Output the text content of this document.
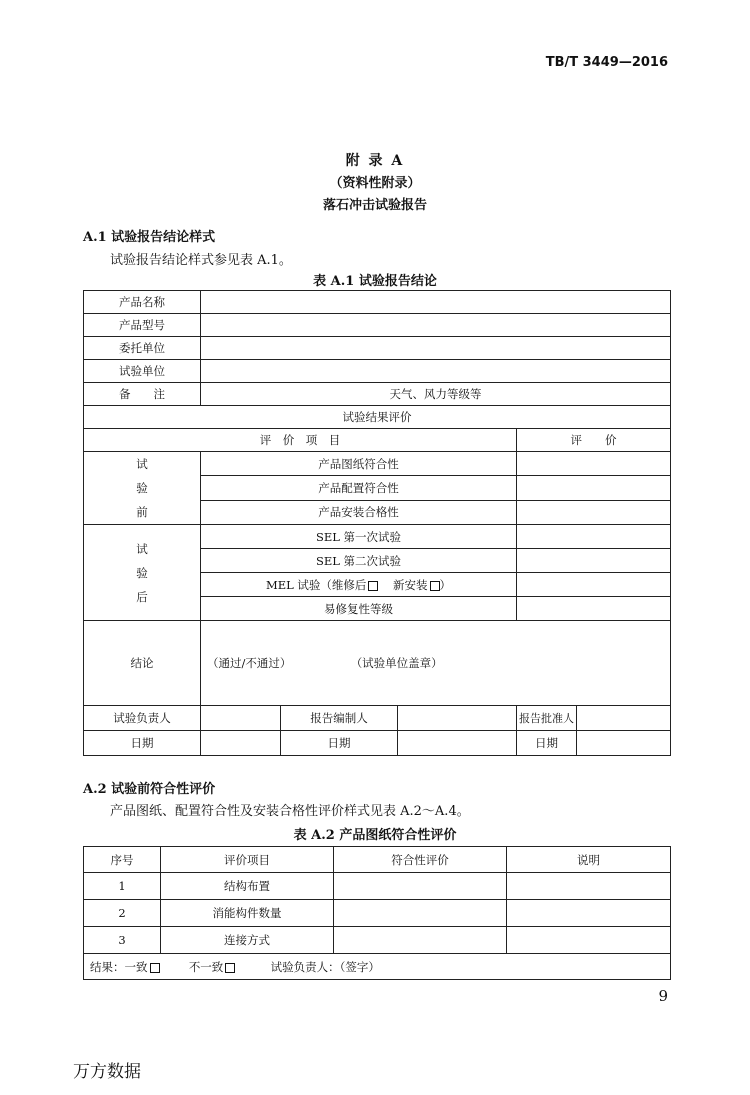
TB/T 3449—2016
附 录 A
（资料性附录）
落石冲击试验报告
A.1 试验报告结论样式
试验报告结论样式参见表 A.1。
表 A.1 试验报告结论
产品名称					
产品型号					
委托单位					
试验单位					
备　　注	天气、风力等级等				
试验结果评价					
评　价　项　目				评　　价	

试
验
前	产品图纸符合性				
	产品配置符合性				
	产品安装合格性				

试
验
后	SEL 第一次试验				
	SEL 第二次试验				
	MEL 试验（维修后 新安装 ）				
	易修复性等级				
结论	（通过/不通过） （试验单位盖章）				
试验负责人		报告编制人		报告批准人	
日期		日期		日期	
A.2 试验前符合性评价
产品图纸、配置符合性及安装合格性评价样式见表 A.2～A.4。
表 A.2 产品图纸符合性评价
序号	评价项目	符合性评价	说明
1	结构布置		
2	消能构件数量		
3	连接方式		
结果：一致 不一致 试验负责人：（签字）			
9
万方数据
